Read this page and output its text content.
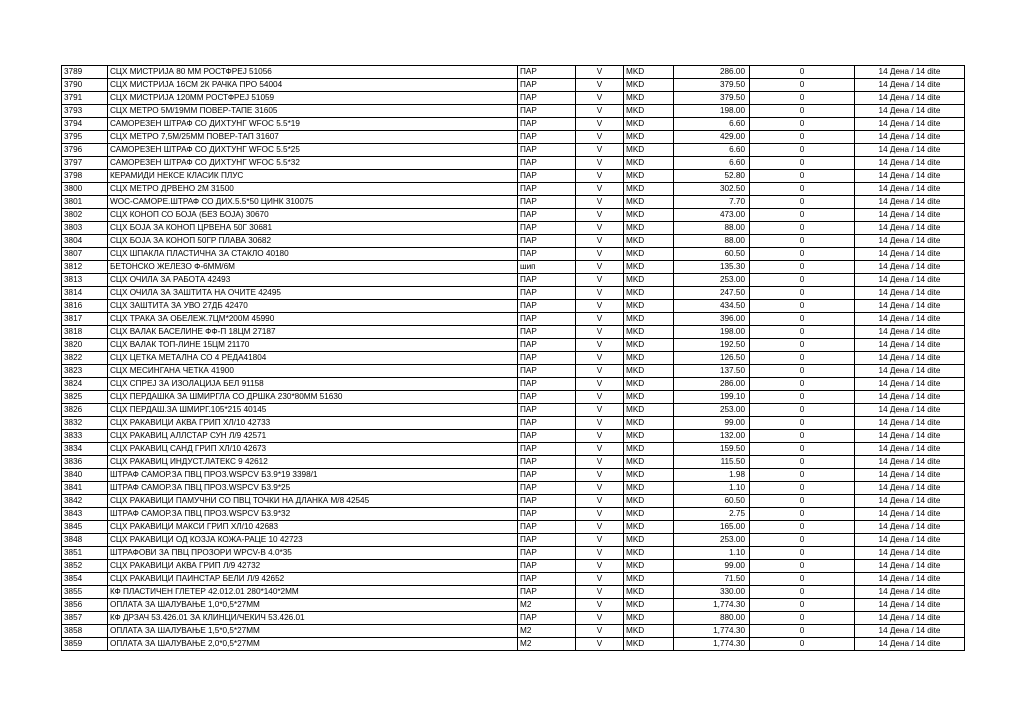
3789	СЦХ МИСТРИЈА 80 ММ РОСТФРЕЈ 51056	ПАР	V	MKD	286.00	0	14 Дена / 14 dite
3790	СЦХ МИСТРИЈА 16СМ 2К РАЧКА ПРО 54004	ПАР	V	MKD	379.50	0	14 Дена / 14 dite
3791	СЦХ МИСТРИЈА 120ММ РОСТФРЕЈ 51059	ПАР	V	MKD	379.50	0	14 Дена / 14 dite
3793	СЦХ МЕТРО 5М/19ММ ПОВЕР-ТАПЕ 31605	ПАР	V	MKD	198.00	0	14 Дена / 14 dite
3794	САМОРЕЗЕН ШТРАФ СО ДИХТУНГ WFOC 5.5*19	ПАР	V	MKD	6.60	0	14 Дена / 14 dite
3795	СЦХ МЕТРО 7,5М/25ММ ПОВЕР-ТАП 31607	ПАР	V	MKD	429.00	0	14 Дена / 14 dite
3796	САМОРЕЗЕН ШТРАФ СО ДИХТУНГ WFOC 5.5*25	ПАР	V	MKD	6.60	0	14 Дена / 14 dite
3797	САМОРЕЗЕН ШТРАФ СО ДИХТУНГ WFOC 5.5*32	ПАР	V	MKD	6.60	0	14 Дена / 14 dite
3798	КЕРАМИДИ НЕКСЕ КЛАСИК ПЛУС	ПАР	V	MKD	52.80	0	14 Дена / 14 dite
3800	СЦХ МЕТРО ДРВЕНО 2М 31500	ПАР	V	MKD	302.50	0	14 Дена / 14 dite
3801	WOC-САМОРЕ.ШТРАФ СО ДИХ.5.5*50 ЦИНК 310075	ПАР	V	MKD	7.70	0	14 Дена / 14 dite
3802	СЦХ КОНОП СО БОЈА (БЕЗ БОЈА) 30670	ПАР	V	MKD	473.00	0	14 Дена / 14 dite
3803	СЦХ БОЈА ЗА КОНОП ЦРВЕНА 50Г 30681	ПАР	V	MKD	88.00	0	14 Дена / 14 dite
3804	СЦХ БОЈА ЗА КОНОП 50ГР ПЛАВА 30682	ПАР	V	MKD	88.00	0	14 Дена / 14 dite
3807	СЦХ ШПАКЛА ПЛАСТИЧНА ЗА СТАКЛО 40180	ПАР	V	MKD	60.50	0	14 Дена / 14 dite
3812	БЕТОНСКО ЖЕЛЕЗО Ф-6ММ/6М	шип	V	MKD	135.30	0	14 Дена / 14 dite
3813	СЦХ ОЧИЛА ЗА РАБОТА 42493	ПАР	V	MKD	253.00	0	14 Дена / 14 dite
3814	СЦХ ОЧИЛА ЗА ЗАШТИТА НА ОЧИТЕ 42495	ПАР	V	MKD	247.50	0	14 Дена / 14 dite
3816	СЦХ ЗАШТИТА ЗА УВО 27ДБ 42470	ПАР	V	MKD	434.50	0	14 Дена / 14 dite
3817	СЦХ ТРАКА ЗА ОБЕЛЕЖ.7ЦМ*200М 45990	ПАР	V	MKD	396.00	0	14 Дена / 14 dite
3818	СЦХ ВАЛАК БАСЕЛИНЕ ФФ-П 18ЦМ 27187	ПАР	V	MKD	198.00	0	14 Дена / 14 dite
3820	СЦХ ВАЛАК ТОП-ЛИНЕ 15ЦМ 21170	ПАР	V	MKD	192.50	0	14 Дена / 14 dite
3822	СЦХ ЦЕТКА МЕТАЛНА СО 4 РЕДА41804	ПАР	V	MKD	126.50	0	14 Дена / 14 dite
3823	СЦХ МЕСИНГАНА ЧЕТКА 41900	ПАР	V	MKD	137.50	0	14 Дена / 14 dite
3824	СЦХ СПРЕЈ ЗА ИЗОЛАЦИЈА БЕЛ 91158	ПАР	V	MKD	286.00	0	14 Дена / 14 dite
3825	СЦХ ПЕРДАШКА ЗА ШМИРГЛА СО ДРШКА 230*80ММ 51630	ПАР	V	MKD	199.10	0	14 Дена / 14 dite
3826	СЦХ ПЕРДАШ.ЗА ШМИРГ.105*215 40145	ПАР	V	MKD	253.00	0	14 Дена / 14 dite
3832	СЦХ РАКАВИЦИ АКВА ГРИП ХЛ/10 42733	ПАР	V	MKD	99.00	0	14 Дена / 14 dite
3833	СЦХ РАКАВИЦ АЛЛСТАР СУН Л/9 42571	ПАР	V	MKD	132.00	0	14 Дена / 14 dite
3834	СЦХ РАКАВИЦ САНД ГРИП ХЛ/10 42673	ПАР	V	MKD	159.50	0	14 Дена / 14 dite
3836	СЦХ РАКАВИЦ ИНДУСТ.ЛАТЕКС 9 42612	ПАР	V	MKD	115.50	0	14 Дена / 14 dite
3840	ШТРАФ САМОР.ЗА ПВЦ ПРОЗ.WSPCV Б3.9*19 3398/1	ПАР	V	MKD	1.98	0	14 Дена / 14 dite
3841	ШТРАФ САМОР.ЗА ПВЦ ПРОЗ.WSPCV Б3.9*25	ПАР	V	MKD	1.10	0	14 Дена / 14 dite
3842	СЦХ РАКАВИЦИ ПАМУЧНИ СО ПВЦ ТОЧКИ НА ДЛАНКА М/8 42545	ПАР	V	MKD	60.50	0	14 Дена / 14 dite
3843	ШТРАФ САМОР.ЗА ПВЦ ПРОЗ.WSPCV Б3.9*32	ПАР	V	MKD	2.75	0	14 Дена / 14 dite
3845	СЦХ РАКАВИЦИ МАКСИ ГРИП ХЛ/10 42683	ПАР	V	MKD	165.00	0	14 Дена / 14 dite
3848	СЦХ РАКАВИЦИ ОД КОЗЈА КОЖА-РАЦЕ 10 42723	ПАР	V	MKD	253.00	0	14 Дена / 14 dite
3851	ШТРАФОВИ ЗА ПВЦ ПРОЗОРИ WPCV-B 4.0*35	ПАР	V	MKD	1.10	0	14 Дена / 14 dite
3852	СЦХ РАКАВИЦИ АКВА ГРИП Л/9 42732	ПАР	V	MKD	99.00	0	14 Дена / 14 dite
3854	СЦХ РАКАВИЦИ ПАИНСТАР БЕЛИ Л/9 42652	ПАР	V	MKD	71.50	0	14 Дена / 14 dite
3855	КФ ПЛАСТИЧЕН ГЛЕТЕР 42.012.01 280*140*2ММ	ПАР	V	MKD	330.00	0	14 Дена / 14 dite
3856	ОПЛАТА ЗА ШАЛУВАЊЕ 1,0*0,5*27ММ	M2	V	MKD	1,774.30	0	14 Дена / 14 dite
3857	КФ ДРЗАЧ 53.426.01 ЗА КЛИНЦИ/ЧЕКИЧ 53.426.01	ПАР	V	MKD	880.00	0	14 Дена / 14 dite
3858	ОПЛАТА ЗА ШАЛУВАЊЕ 1,5*0,5*27ММ	M2	V	MKD	1,774.30	0	14 Дена / 14 dite
3859	ОПЛАТА ЗА ШАЛУВАЊЕ 2,0*0,5*27ММ	M2	V	MKD	1,774.30	0	14 Дена / 14 dite
